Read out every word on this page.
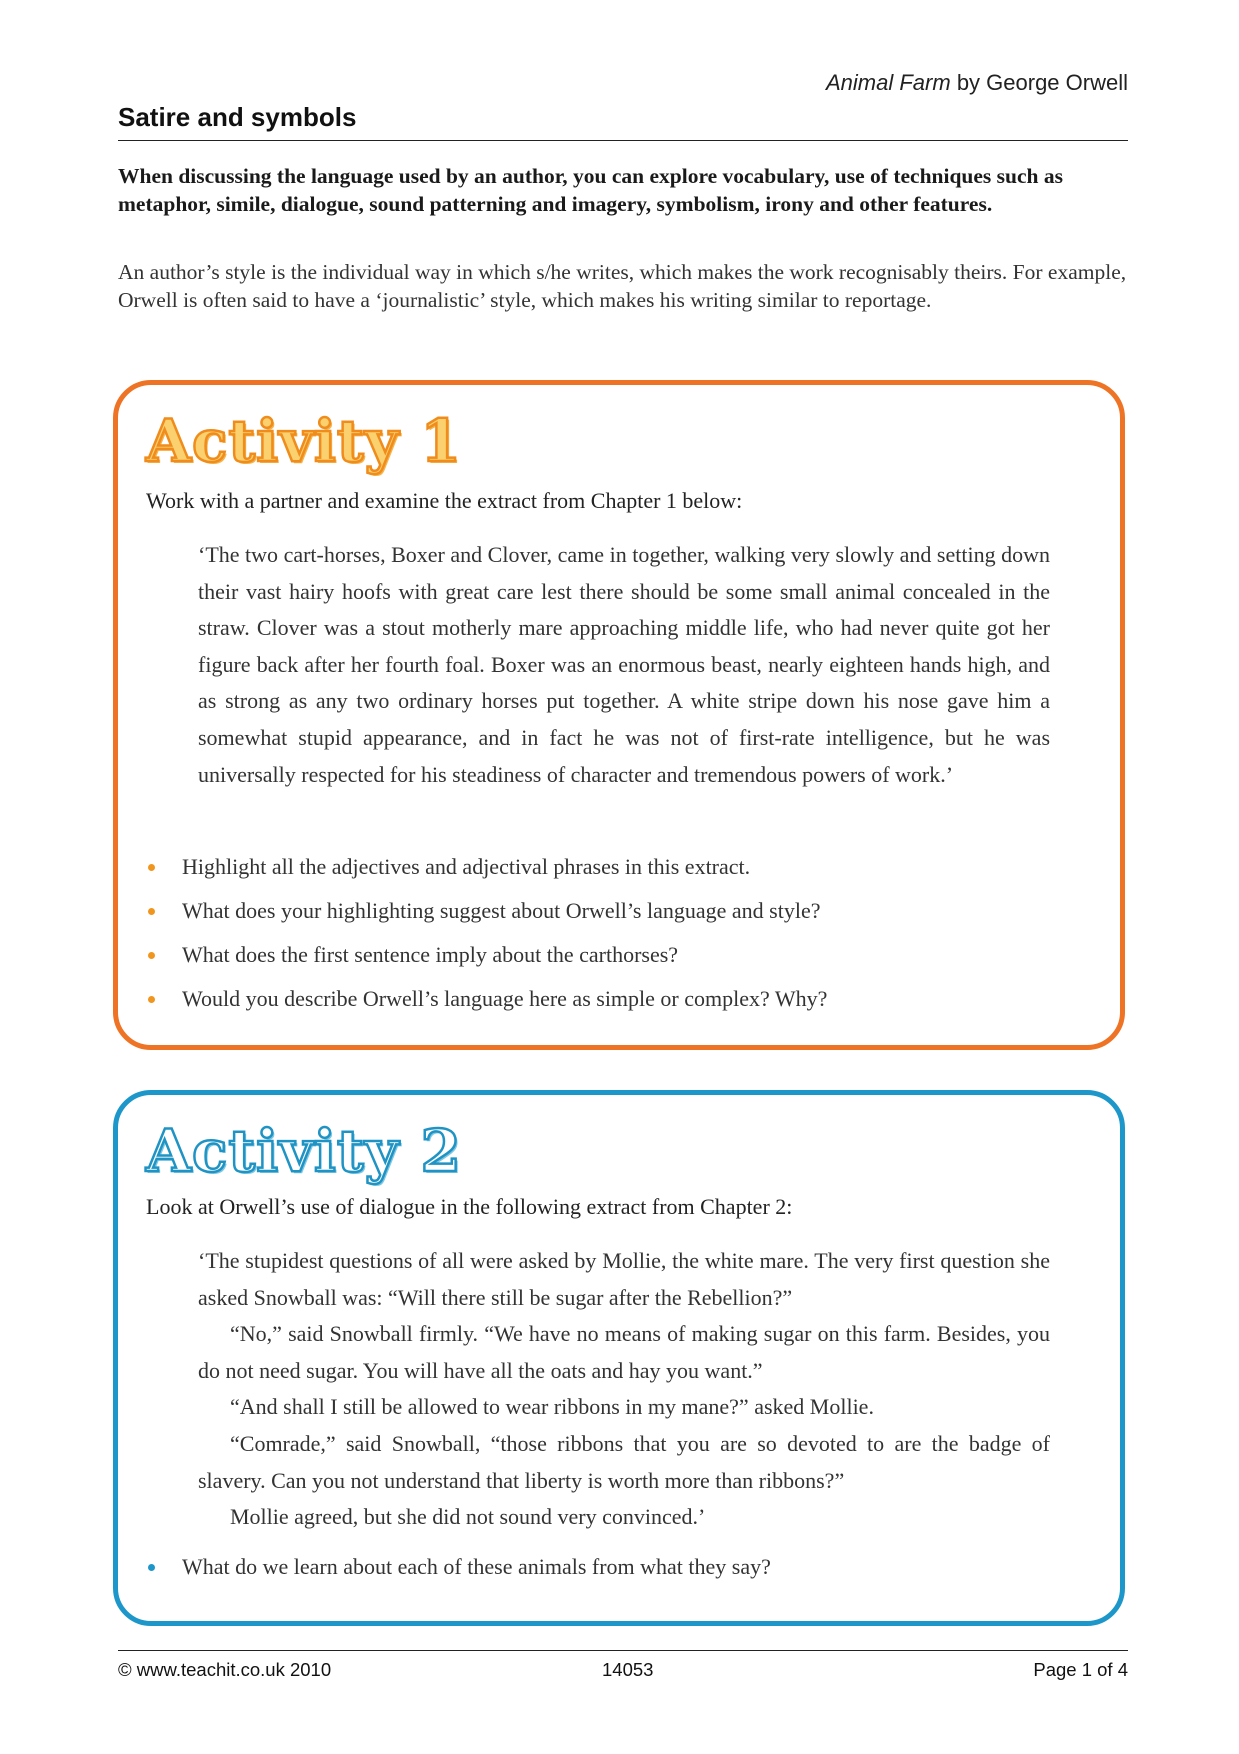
Animal Farm by George Orwell
Satire and symbols

When discussing the language used by an author, you can explore vocabulary, use of techniques such as metaphor, simile, dialogue, sound patterning and imagery, symbolism, irony and other features.

An author’s style is the individual way in which s/he writes, which makes the work recognisably theirs. For example, Orwell is often said to have a ‘journalistic’ style, which makes his writing similar to reportage.

Activity 1

Work with a partner and examine the extract from Chapter 1 below:

‘The two cart-horses, Boxer and Clover, came in together, walking very slowly and setting down their vast hairy hoofs with great care lest there should be some small animal concealed in the straw. Clover was a stout motherly mare approaching middle life, who had never quite got her figure back after her fourth foal. Boxer was an enormous beast, nearly eighteen hands high, and as strong as any two ordinary horses put together. A white stripe down his nose gave him a somewhat stupid appearance, and in fact he was not of first-rate intelligence, but he was universally respected for his steadiness of character and tremendous powers of work.’

Highlight all the adjectives and adjectival phrases in this extract.
What does your highlighting suggest about Orwell’s language and style?
What does the first sentence imply about the carthorses?
Would you describe Orwell’s language here as simple or complex? Why?
Activity 2

Look at Orwell’s use of dialogue in the following extract from Chapter 2:

‘The stupidest questions of all were asked by Mollie, the white mare. The very first question she asked Snowball was: “Will there still be sugar after the Rebellion?”

“No,” said Snowball firmly. “We have no means of making sugar on this farm. Besides, you do not need sugar. You will have all the oats and hay you want.”

“And shall I still be allowed to wear ribbons in my mane?” asked Mollie.

“Comrade,” said Snowball, “those ribbons that you are so devoted to are the badge of slavery. Can you not understand that liberty is worth more than ribbons?”

Mollie agreed, but she did not sound very convinced.’

What do we learn about each of these animals from what they say?
© www.teachit.co.uk 2010	14053	Page 1 of 4
